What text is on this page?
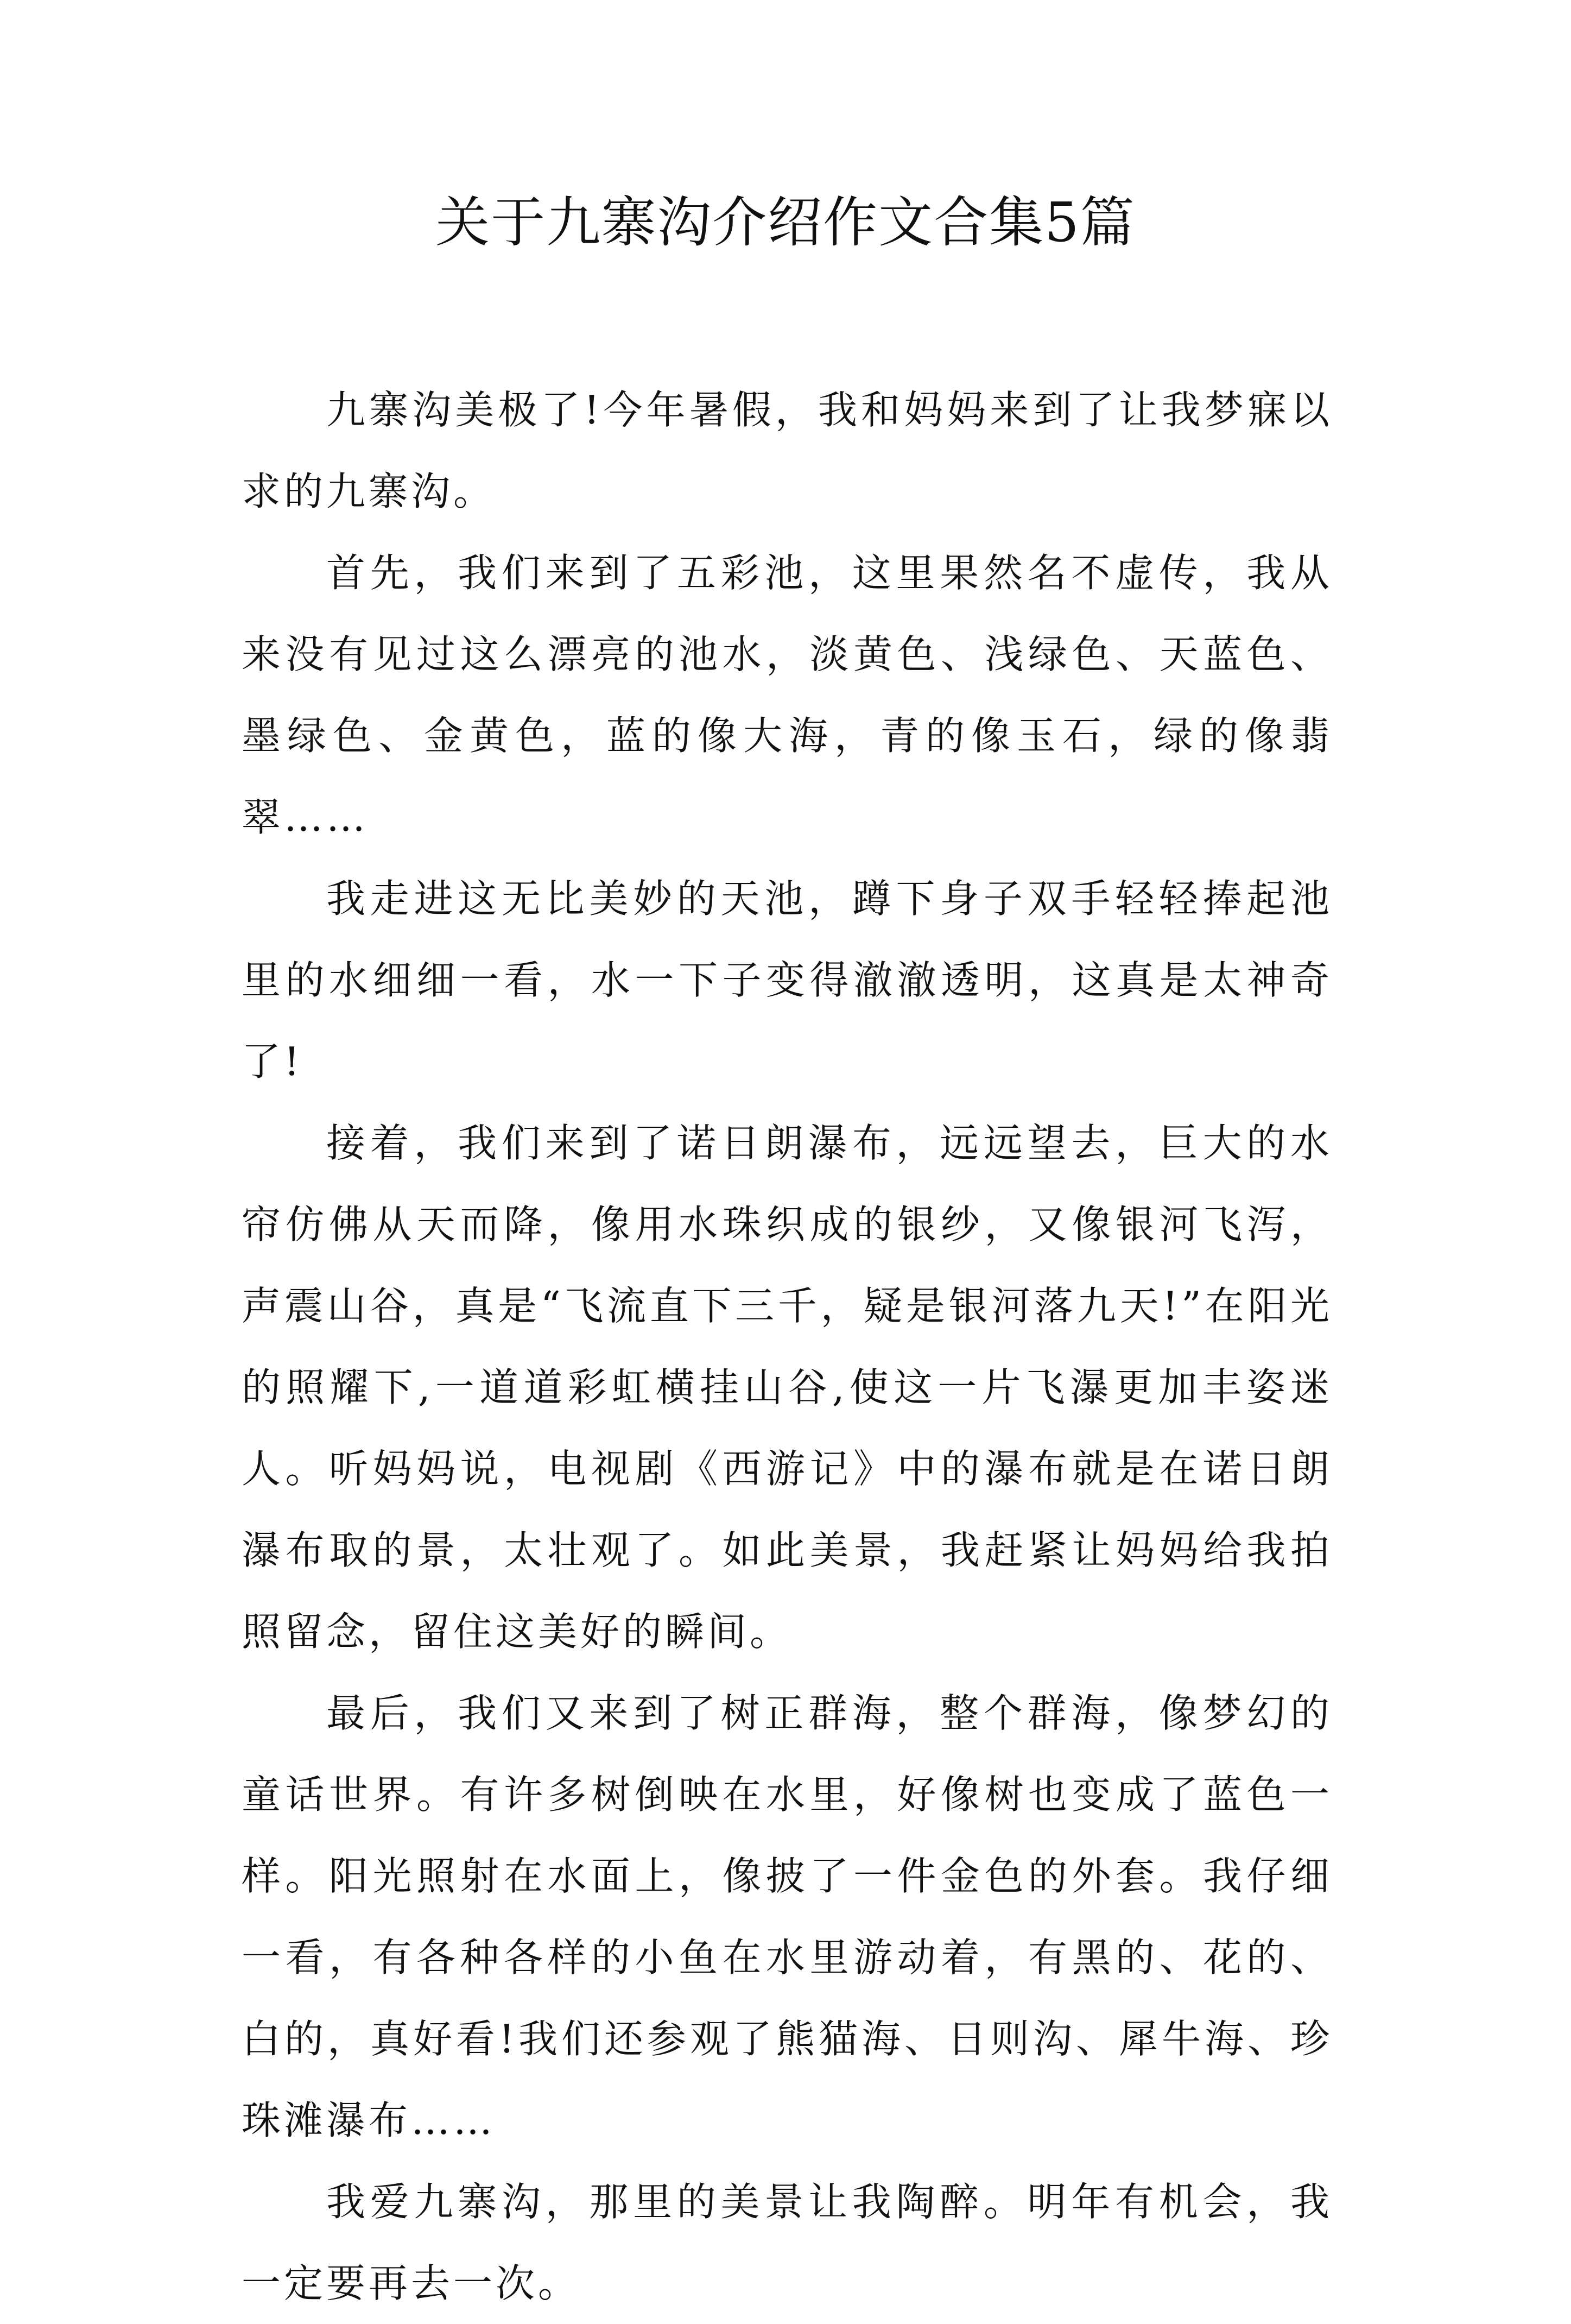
关于九寨沟介绍作文合集5篇

九寨沟美极了!今年暑假，我和妈妈来到了让我梦寐以求的九寨沟。

首先，我们来到了五彩池，这里果然名不虚传，我从来没有见过这么漂亮的池水，淡黄色、浅绿色、天蓝色、墨绿色、金黄色，蓝的像大海，青的像玉石，绿的像翡翠……

我走进这无比美妙的天池，蹲下身子双手轻轻捧起池里的水细细一看，水一下子变得澈澈透明，这真是太神奇了!

接着，我们来到了诺日朗瀑布，远远望去，巨大的水帘仿佛从天而降，像用水珠织成的银纱，又像银河飞泻，声震山谷，真是“飞流直下三千，疑是银河落九天!”在阳光的照耀下,一道道彩虹横挂山谷,使这一片飞瀑更加丰姿迷人。听妈妈说，电视剧《西游记》中的瀑布就是在诺日朗瀑布取的景，太壮观了。如此美景，我赶紧让妈妈给我拍照留念，留住这美好的瞬间。

最后，我们又来到了树正群海，整个群海，像梦幻的童话世界。有许多树倒映在水里，好像树也变成了蓝色一样。阳光照射在水面上，像披了一件金色的外套。我仔细一看，有各种各样的小鱼在水里游动着，有黑的、花的、白的，真好看!我们还参观了熊猫海、日则沟、犀牛海、珍珠滩瀑布……

我爱九寨沟，那里的美景让我陶醉。明年有机会，我一定要再去一次。
